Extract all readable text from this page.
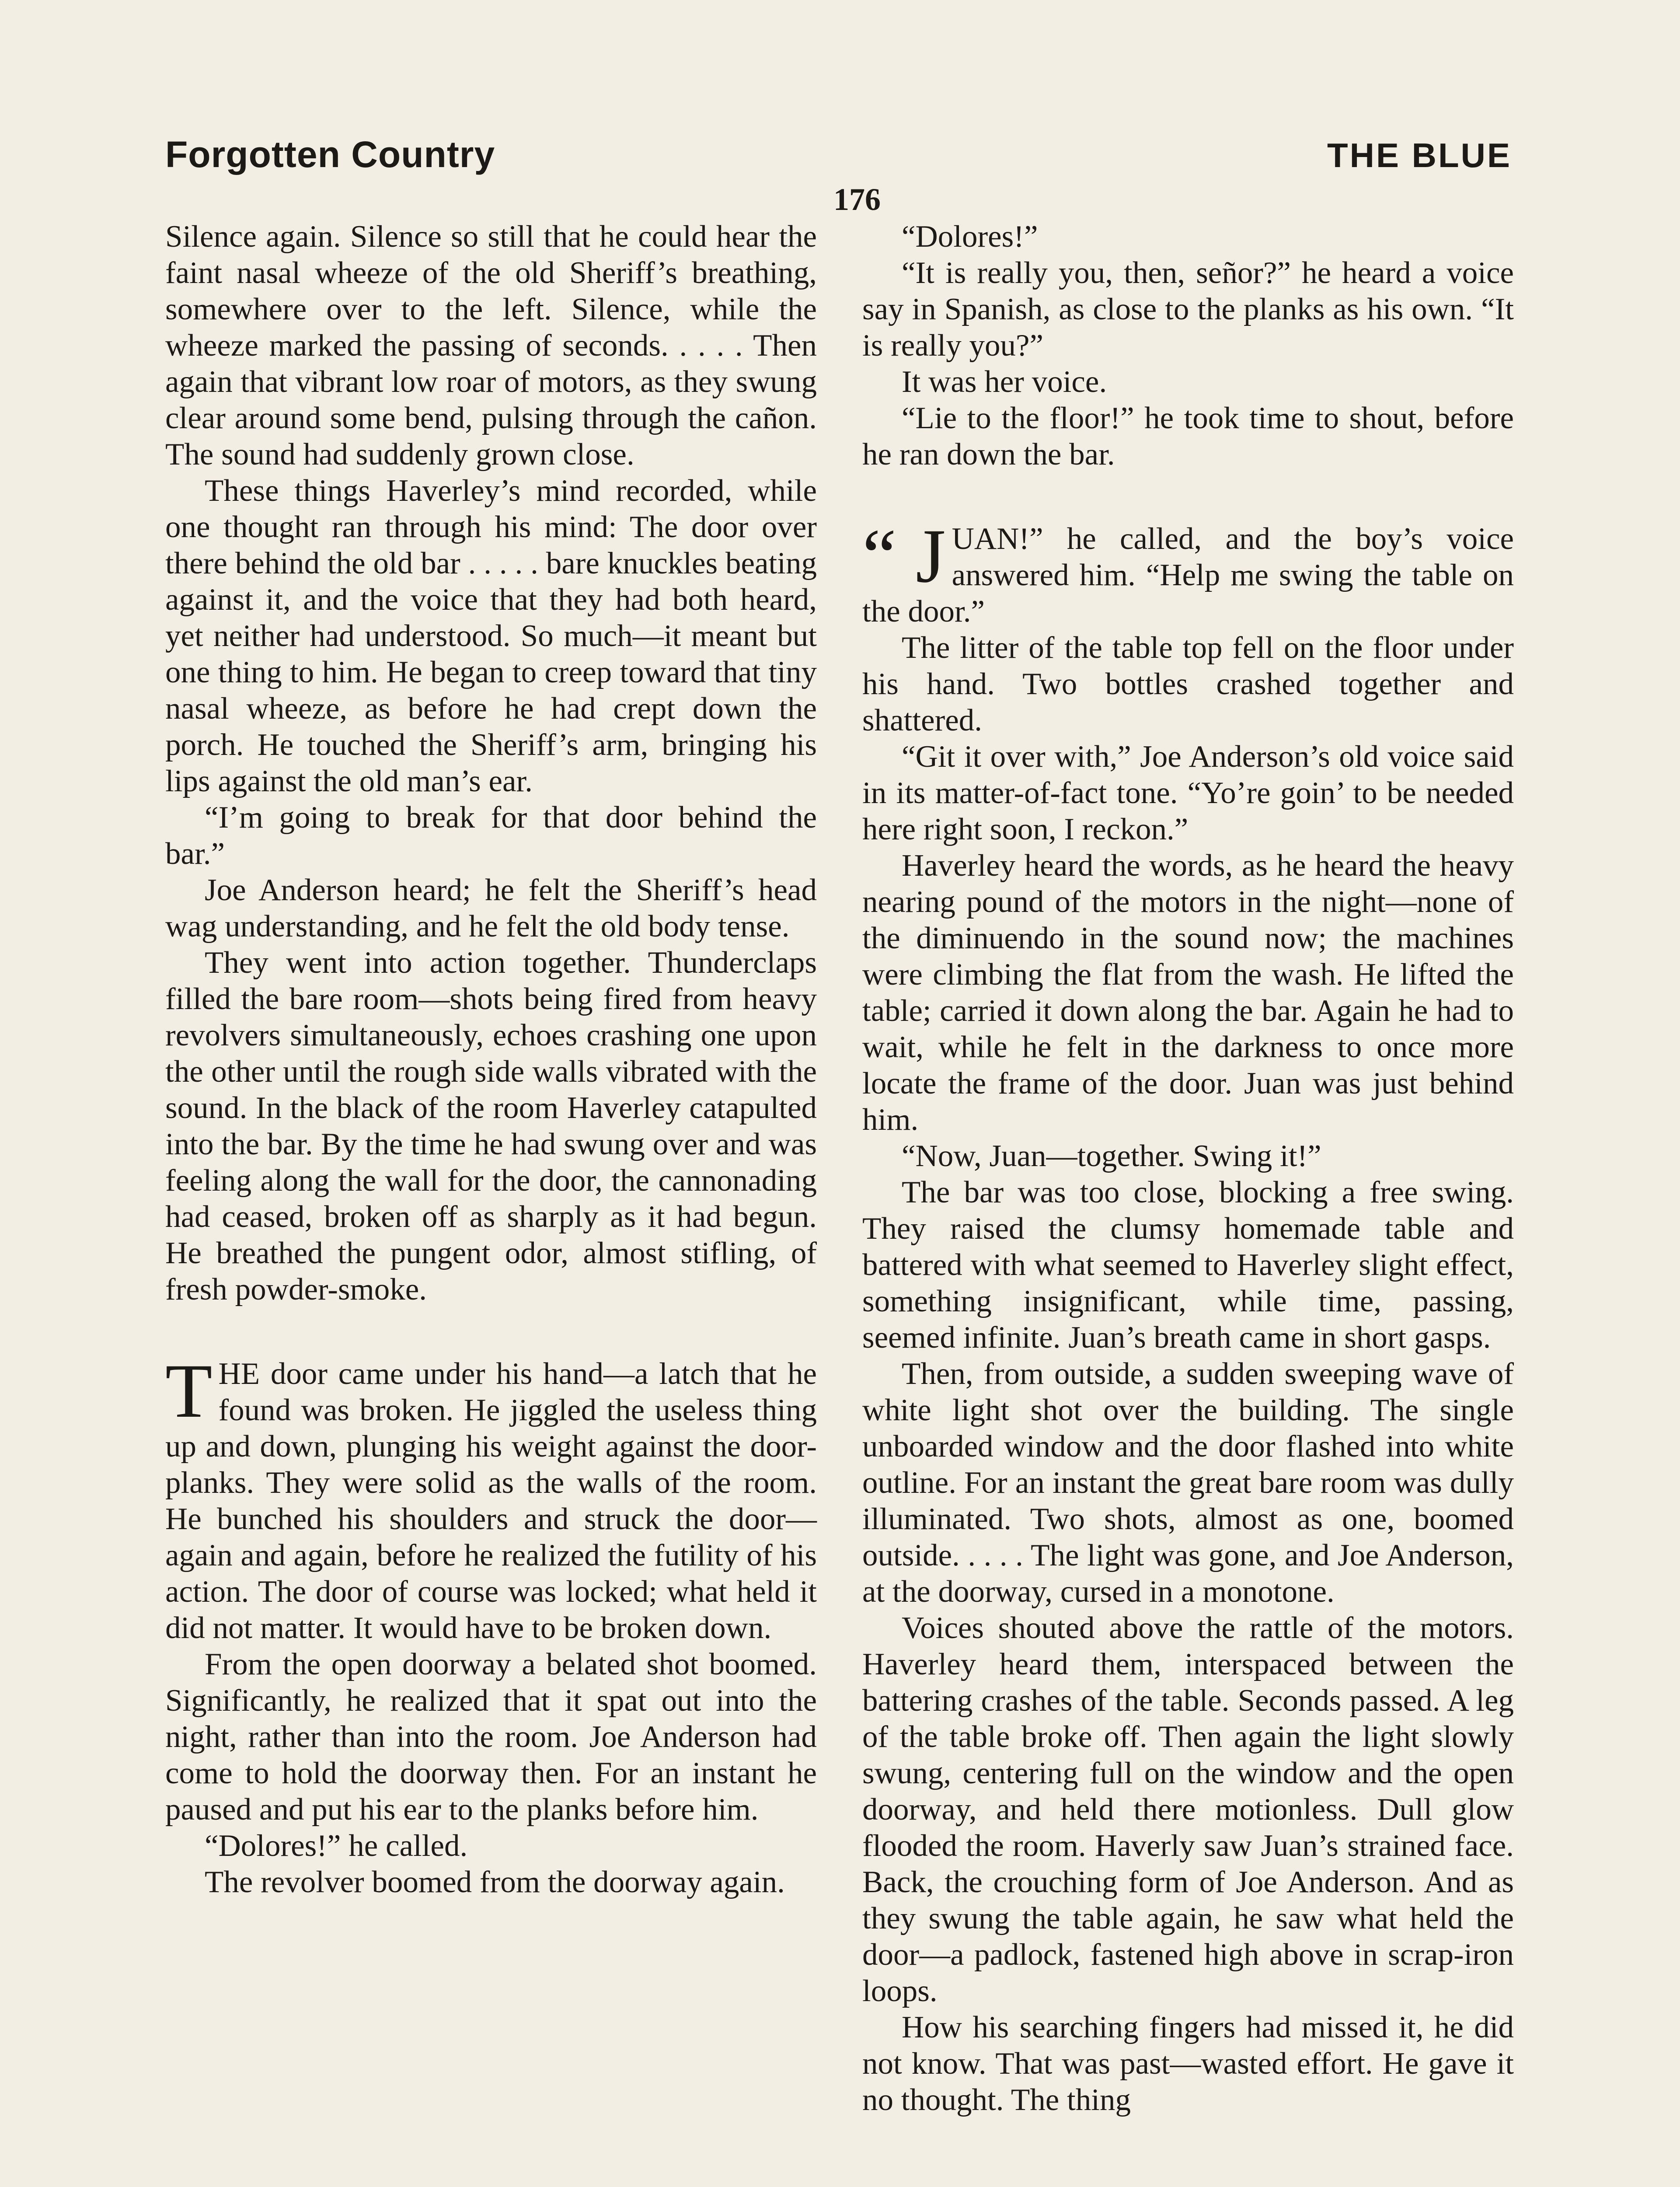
Forgotten Country	THE BLUE
176

Silence again. Silence so still that he could hear the faint nasal wheeze of the old Sheriff’s breathing, somewhere over to the left. Silence, while the wheeze marked the passing of seconds. . . . . Then again that vibrant low roar of motors, as they swung clear around some bend, pulsing through the cañon. The sound had suddenly grown close.

These things Haverley’s mind recorded, while one thought ran through his mind: The door over there behind the old bar . . . . . bare knuckles beating against it, and the voice that they had both heard, yet neither had understood. So much—it meant but one thing to him. He began to creep toward that tiny nasal wheeze, as before he had crept down the porch. He touched the Sheriff’s arm, bringing his lips against the old man’s ear.

“I’m going to break for that door behind the bar.”

Joe Anderson heard; he felt the Sheriff’s head wag understanding, and he felt the old body tense.

They went into action together. Thunderclaps filled the bare room—shots being fired from heavy revolvers simultaneously, echoes crashing one upon the other until the rough side walls vibrated with the sound. In the black of the room Haverley catapulted into the bar. By the time he had swung over and was feeling along the wall for the door, the cannonading had ceased, broken off as sharply as it had begun. He breathed the pungent odor, almost stifling, of fresh powder-smoke.

THE door came under his hand—a latch that he found was broken. He jiggled the useless thing up and down, plunging his weight against the door-planks. They were solid as the walls of the room. He bunched his shoulders and struck the door—again and again, before he realized the futility of his action. The door of course was locked; what held it did not matter. It would have to be broken down.

From the open doorway a belated shot boomed. Significantly, he realized that it spat out into the night, rather than into the room. Joe Anderson had come to hold the doorway then. For an instant he paused and put his ear to the planks before him.

“Dolores!” he called.

The revolver boomed from the doorway again.

“Dolores!”

“It is really you, then, señor?” he heard a voice say in Spanish, as close to the planks as his own. “It is really you?”

It was her voice.

“Lie to the floor!” he took time to shout, before he ran down the bar.

“ J UAN!” he called, and the boy’s voice answered him. “Help me swing the table on the door.”

The litter of the table top fell on the floor under his hand. Two bottles crashed together and shattered.

“Git it over with,” Joe Anderson’s old voice said in its matter-of-fact tone. “Yo’re goin’ to be needed here right soon, I reckon.”

Haverley heard the words, as he heard the heavy nearing pound of the motors in the night—none of the diminuendo in the sound now; the machines were climbing the flat from the wash. He lifted the table; carried it down along the bar. Again he had to wait, while he felt in the darkness to once more locate the frame of the door. Juan was just behind him.

“Now, Juan—together. Swing it!”

The bar was too close, blocking a free swing. They raised the clumsy homemade table and battered with what seemed to Haverley slight effect, something insignificant, while time, passing, seemed infinite. Juan’s breath came in short gasps.

Then, from outside, a sudden sweeping wave of white light shot over the building. The single unboarded window and the door flashed into white outline. For an instant the great bare room was dully illuminated. Two shots, almost as one, boomed outside. . . . . The light was gone, and Joe Anderson, at the doorway, cursed in a monotone.

Voices shouted above the rattle of the motors. Haverley heard them, interspaced between the battering crashes of the table. Seconds passed. A leg of the table broke off. Then again the light slowly swung, centering full on the window and the open doorway, and held there motionless. Dull glow flooded the room. Haverly saw Juan’s strained face. Back, the crouching form of Joe Anderson. And as they swung the table again, he saw what held the door—a padlock, fastened high above in scrap-iron loops.

How his searching fingers had missed it, he did not know. That was past—wasted effort. He gave it no thought. The thing
